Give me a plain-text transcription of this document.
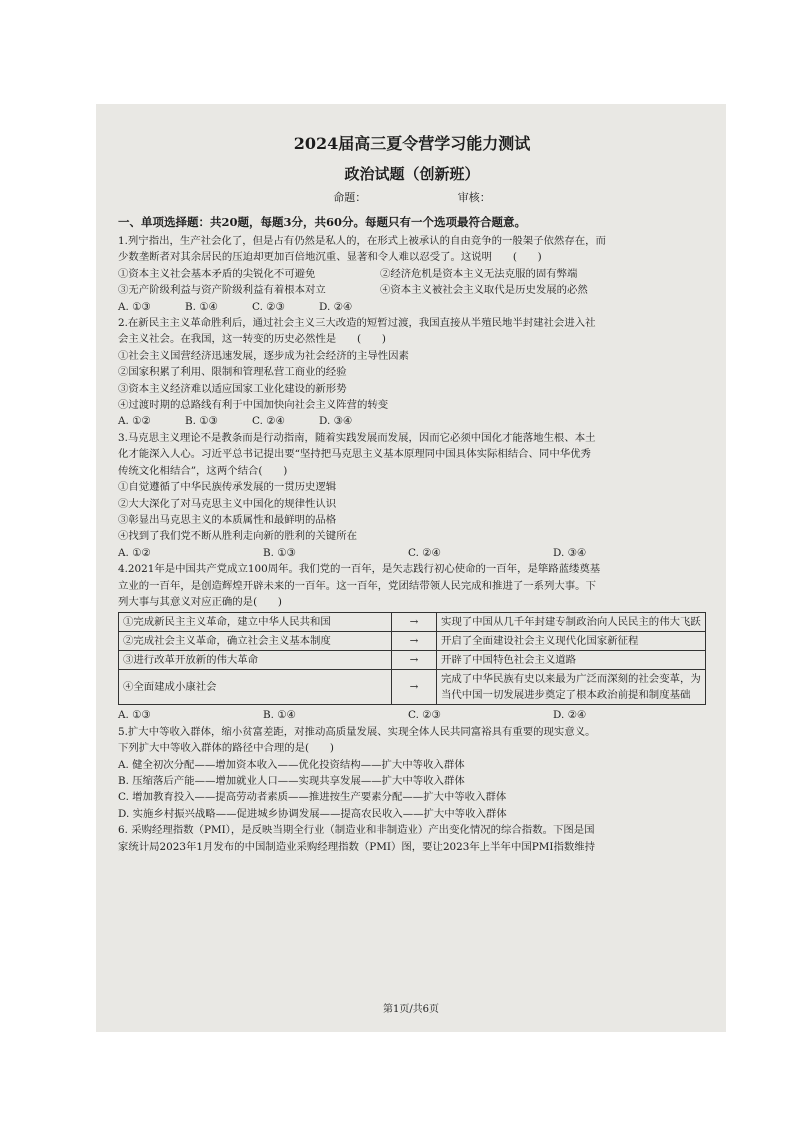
2024届高三夏令营学习能力测试
政治试题（创新班）
命题：	审核：
一、单项选择题：共20题，每题3分，共60分。每题只有一个选项最符合题意。

1.列宁指出，生产社会化了，但是占有仍然是私人的，在形式上被承认的自由竞争的一般架子依然存在，而

少数垄断者对其余居民的压迫却更加百倍地沉重、显著和令人难以忍受了。这说明　　(　　)

①资本主义社会基本矛盾的尖锐化不可避免	②经济危机是资本主义无法克服的固有弊端
③无产阶级利益与资产阶级利益有着根本对立	④资本主义被社会主义取代是历史发展的必然
A. ①③	B. ①④	C. ②③	D. ②④

2.在新民主主义革命胜利后，通过社会主义三大改造的短暂过渡，我国直接从半殖民地半封建社会进入社

会主义社会。在我国，这一转变的历史必然性是　　(　　)

①社会主义国营经济迅速发展，逐步成为社会经济的主导性因素

②国家积累了利用、限制和管理私营工商业的经验

③资本主义经济难以适应国家工业化建设的新形势

④过渡时期的总路线有利于中国加快向社会主义阵营的转变

A. ①②	B. ①③	C. ②④	D. ③④

3.马克思主义理论不是教条而是行动指南，随着实践发展而发展，因而它必须中国化才能落地生根、本土

化才能深入人心。习近平总书记提出要“坚持把马克思主义基本原理同中国具体实际相结合、同中华优秀

传统文化相结合”，这两个结合(　　)

①自觉遵循了中华民族传承发展的一贯历史逻辑

②大大深化了对马克思主义中国化的规律性认识

③彰显出马克思主义的本质属性和最鲜明的品格

④找到了我们党不断从胜利走向新的胜利的关键所在

A. ①②	B. ①③	C. ②④	D. ③④

4.2021年是中国共产党成立100周年。我们党的一百年，是矢志践行初心使命的一百年，是筚路蓝缕奠基

立业的一百年，是创造辉煌开辟未来的一百年。这一百年，党团结带领人民完成和推进了一系列大事。下

列大事与其意义对应正确的是(　　)

①完成新民主主义革命，建立中华人民共和国	→	实现了中国从几千年封建专制政治向人民民主的伟大飞跃
②完成社会主义革命，确立社会主义基本制度	→	开启了全面建设社会主义现代化国家新征程
③进行改革开放新的伟大革命	→	开辟了中国特色社会主义道路
④全面建成小康社会	→	完成了中华民族有史以来最为广泛而深刻的社会变革，为当代中国一切发展进步奠定了根本政治前提和制度基础
A. ①③	B. ①④	C. ②③	D. ②④

5.扩大中等收入群体，缩小贫富差距，对推动高质量发展、实现全体人民共同富裕具有重要的现实意义。

下列扩大中等收入群体的路径中合理的是(　　)

A. 健全初次分配——增加资本收入——优化投资结构——扩大中等收入群体

B. 压缩落后产能——增加就业人口——实现共享发展——扩大中等收入群体

C. 增加教育投入——提高劳动者素质——推进按生产要素分配——扩大中等收入群体

D. 实施乡村振兴战略——促进城乡协调发展——提高农民收入——扩大中等收入群体

6. 采购经理指数（PMI），是反映当期全行业（制造业和非制造业）产出变化情况的综合指数。下图是国

家统计局2023年1月发布的中国制造业采购经理指数（PMI）图，要让2023年上半年中国PMI指数维持

第1页/共6页
